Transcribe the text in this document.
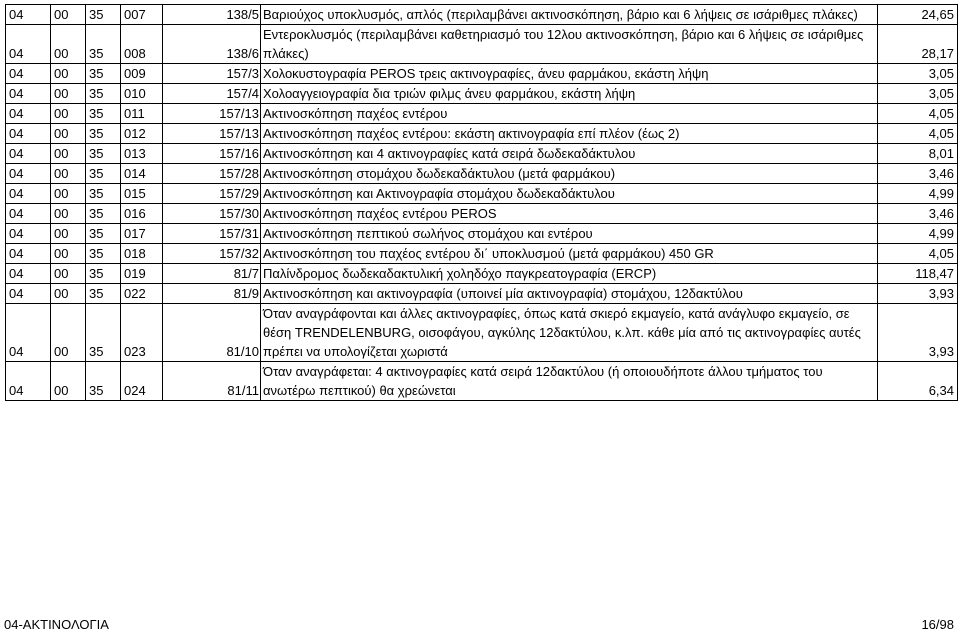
04	00	35	007	138/5	Βαριούχος υποκλυσμός, απλός (περιλαμβάνει ακτινοσκόπηση, βάριο και 6 λήψεις σε ισάριθμες πλάκες)	24,65
04	00	35	008	138/6	Εντεροκλυσμός (περιλαμβάνει καθετηριασμό του 12λου ακτινοσκόπηση, βάριο και 6 λήψεις σε ισάριθμες πλάκες)	28,17
04	00	35	009	157/3	Χολοκυστογραφία PEROS τρεις ακτινογραφίες, άνευ φαρμάκου, εκάστη λήψη	3,05
04	00	35	010	157/4	Χολοαγγειογραφία δια τριών φιλμς άνευ φαρμάκου, εκάστη λήψη	3,05
04	00	35	011	157/13	Ακτινοσκόπηση παχέος εντέρου	4,05
04	00	35	012	157/13	Ακτινοσκόπηση παχέος εντέρου: εκάστη ακτινογραφία επί πλέον (έως 2)	4,05
04	00	35	013	157/16	Ακτινοσκόπηση και 4 ακτινογραφίες κατά σειρά δωδεκαδάκτυλου	8,01
04	00	35	014	157/28	Ακτινοσκόπηση στομάχου δωδεκαδάκτυλου (μετά φαρμάκου)	3,46
04	00	35	015	157/29	Ακτινοσκόπηση και Ακτινογραφία στομάχου δωδεκαδάκτυλου	4,99
04	00	35	016	157/30	Ακτινοσκόπηση παχέος εντέρου PEROS	3,46
04	00	35	017	157/31	Ακτινοσκόπηση πεπτικού σωλήνος στομάχου και εντέρου	4,99
04	00	35	018	157/32	Ακτινοσκόπηση του παχέος εντέρου δι΄ υποκλυσμού (μετά φαρμάκου) 450 GR	4,05
04	00	35	019	81/7	Παλίνδρομος δωδεκαδακτυλική χοληδόχο παγκρεατογραφία (ERCP)	118,47
04	00	35	022	81/9	Ακτινοσκόπηση και ακτινογραφία (υποινεί μία ακτινογραφία) στομάχου, 12δακτύλου	3,93
04	00	35	023	81/10	Όταν αναγράφονται και άλλες ακτινογραφίες, όπως κατά σκιερό εκμαγείο, κατά ανάγλυφο εκμαγείο, σε θέση TRENDELENBURG, οισοφάγου, αγκύλης 12δακτύλου, κ.λπ. κάθε μία από τις ακτινογραφίες αυτές πρέπει να υπολογίζεται χωριστά	3,93
04	00	35	024	81/11	Όταν αναγράφεται: 4 ακτινογραφίες κατά σειρά 12δακτύλου (ή οποιουδήποτε άλλου τμήματος του ανωτέρω πεπτικού) θα χρεώνεται	6,34
04-ΑΚΤΙΝΟΛΟΓΙΑ	16/98
